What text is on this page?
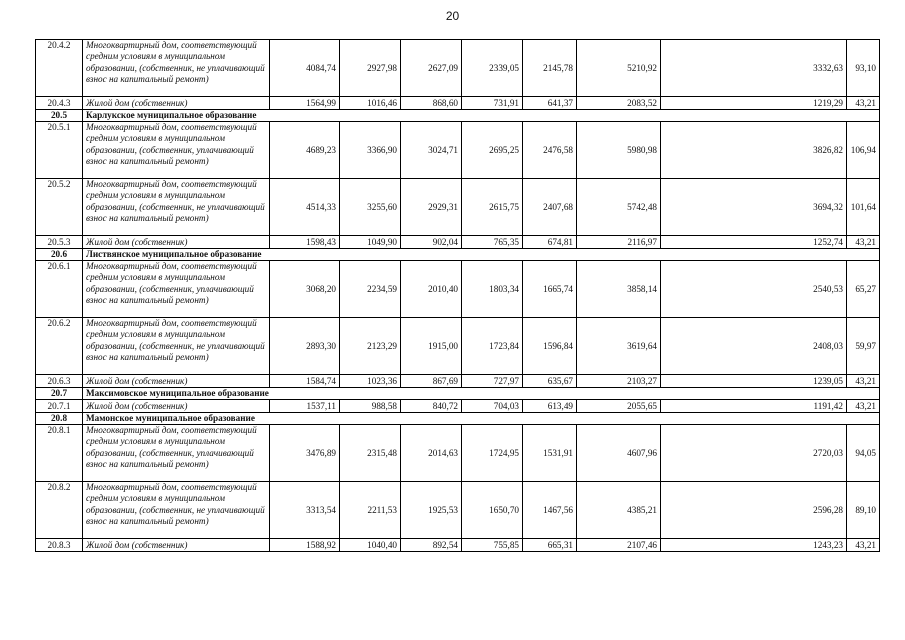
20
20.4.2	Многоквартирный дом, соответствующий средним условиям в муниципальном образовании, (собственник, не уплачивающий взнос на капитальный ремонт)	4084,74	2927,98	2627,09	2339,05	2145,78	5210,92	3332,63	93,10
20.4.3	Жилой дом (собственник)	1564,99	1016,46	868,60	731,91	641,37	2083,52	1219,29	43,21
20.5	Карлукское муниципальное образование								
20.5.1	Многоквартирный дом, соответствующий средним условиям в муниципальном образовании, (собственник, уплачивающий взнос на капитальный ремонт)	4689,23	3366,90	3024,71	2695,25	2476,58	5980,98	3826,82	106,94
20.5.2	Многоквартирный дом, соответствующий средним условиям в муниципальном образовании, (собственник, не уплачивающий взнос на капитальный ремонт)	4514,33	3255,60	2929,31	2615,75	2407,68	5742,48	3694,32	101,64
20.5.3	Жилой дом (собственник)	1598,43	1049,90	902,04	765,35	674,81	2116,97	1252,74	43,21
20.6	Листвянское муниципальное образование								
20.6.1	Многоквартирный дом, соответствующий средним условиям в муниципальном образовании, (собственник, уплачивающий взнос на капитальный ремонт)	3068,20	2234,59	2010,40	1803,34	1665,74	3858,14	2540,53	65,27
20.6.2	Многоквартирный дом, соответствующий средним условиям в муниципальном образовании, (собственник, не уплачивающий взнос на капитальный ремонт)	2893,30	2123,29	1915,00	1723,84	1596,84	3619,64	2408,03	59,97
20.6.3	Жилой дом (собственник)	1584,74	1023,36	867,69	727,97	635,67	2103,27	1239,05	43,21
20.7	Максимовское муниципальное образование								
20.7.1	Жилой дом (собственник)	1537,11	988,58	840,72	704,03	613,49	2055,65	1191,42	43,21
20.8	Мамонское муниципальное образование								
20.8.1	Многоквартирный дом, соответствующий средним условиям в муниципальном образовании, (собственник, уплачивающий взнос на капитальный ремонт)	3476,89	2315,48	2014,63	1724,95	1531,91	4607,96	2720,03	94,05
20.8.2	Многоквартирный дом, соответствующий средним условиям в муниципальном образовании, (собственник, не уплачивающий взнос на капитальный ремонт)	3313,54	2211,53	1925,53	1650,70	1467,56	4385,21	2596,28	89,10
20.8.3	Жилой дом (собственник)	1588,92	1040,40	892,54	755,85	665,31	2107,46	1243,23	43,21
